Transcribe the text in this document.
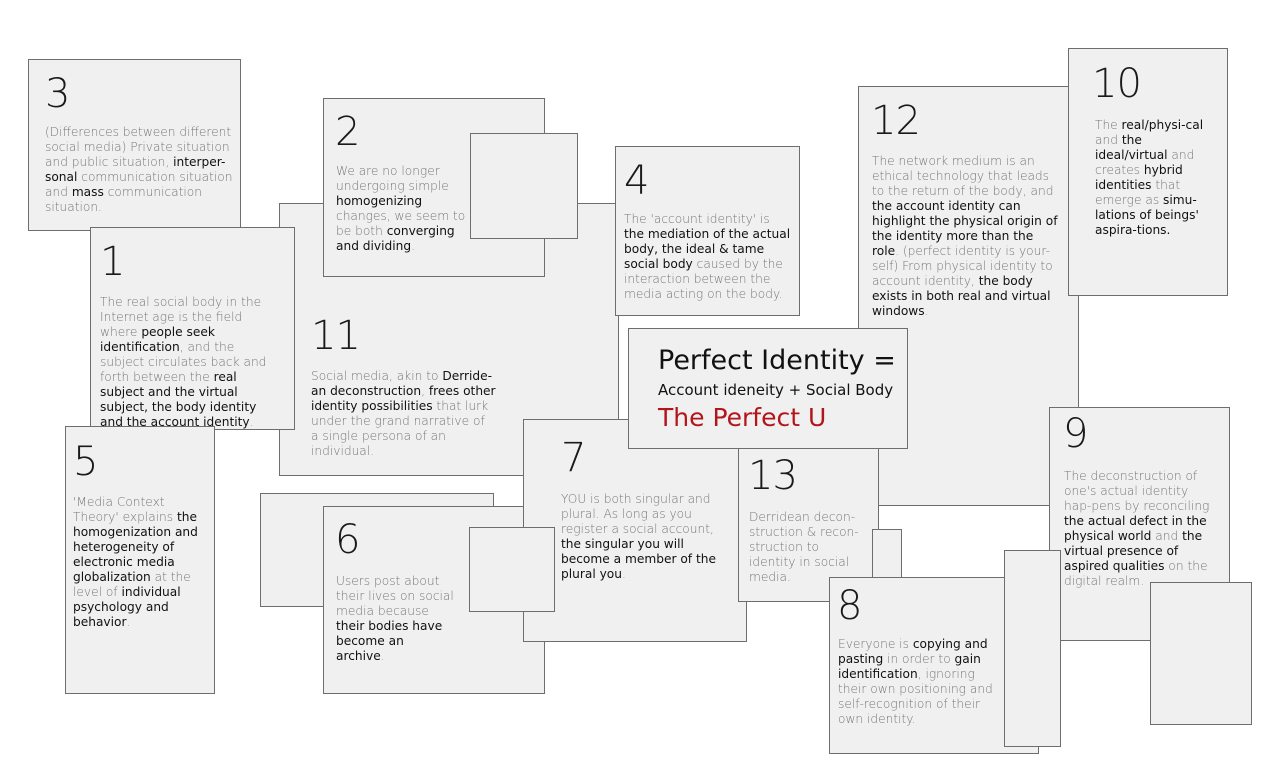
Perfect Identity =
Account ideneity + Social Body
The Perfect U
3
2
4
12
10
1
11
5	7	13
9
6
8
(Differences between different social media) Private situation and public situation, interper-sonal communication situation and mass communication situation.
We are no longer undergoing simple homogenizing changes, we seem to be both converging and dividing.
The 'account identity' is the mediation of the actual body, the ideal & tame social body caused by the interaction between the media acting on the body.
The network medium is an ethical technology that leads to the return of the body, and the account identity can highlight the physical origin of the identity more than the role. (perfect identity is your-self) From physical identity to account identity, the body exists in both real and virtual windows.
The real/physi-cal and the ideal/virtual and creates hybrid identities that emerge as simu-lations of beings' aspira-tions.
The real social body in the Internet age is the field where people seek identification, and the subject circulates back and forth between the real subject and the virtual subject, the body identity and the account identity.
Social media, akin to Derride-an deconstruction, frees other identity possibilities that lurk under the grand narrative of a single persona of an individual.
'Media Context Theory' explains the homogenization and heterogeneity of electronic media globalization at the level of individual psychology and behavior.
YOU is both singular and plural. As long as you register a social account, the singular you will become a member of the plural you.
Derridean decon-struction & recon-struction to identity in social media.
The deconstruction of one's actual identity hap-pens by reconciling the actual defect in the physical world and the virtual presence of aspired qualities on the digital realm.
Users post about their lives on social media because their bodies have become an archive.
Everyone is copying and pasting in order to gain identification, ignoring their own positioning and self-recognition of their own identity.
